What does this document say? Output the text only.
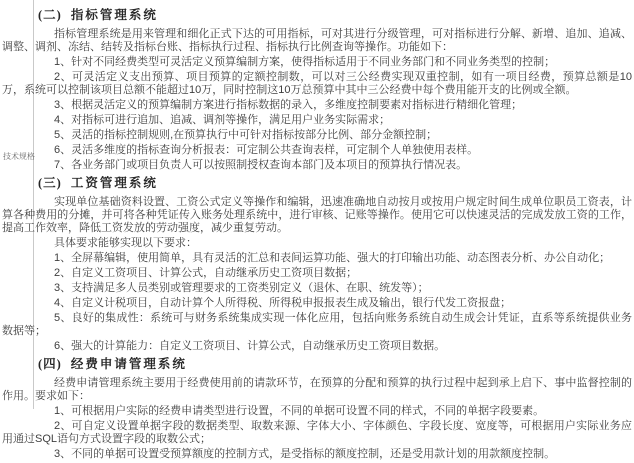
技术规格
(二) 指标管理系统
指标管理系统是用来管理和细化正式下达的可用指标，可对其进行分级管理，可对指标进行分解、新增、追加、追减、调整、调剂、冻结、结转及指标台账、指标执行过程、指标执行比例查询等操作。功能如下：
1、针对不同经费类型可灵活定义预算编制方案，使得指标适用于不同业务部门和不同业务类型的控制；
2、可灵活定义支出预算、项目预算的定额控制数，可以对三公经费实现双重控制，如有一项目经费，预算总额是10万，系统可以控制该项目总额不能超过10万，同时控制这10万总预算中其中三公经费中每个费用能开支的比例或全额。
3、根据灵活定义的预算编制方案进行指标数据的录入，多维度控制要素对指标进行精细化管理；
4、对指标可进行追加、追减、调剂等操作，满足用户业务实际需求；
5、灵活的指标控制规则,在预算执行中可针对指标按部分比例、部分金额控制；
6、灵活多维度的指标查询分析报表：可定制公共查询表样，可定制个人单独使用表样。
7、各业务部门或项目负责人可以按照制授权查询本部门及本项目的预算执行情况表。
(三) 工资管理系统
实现单位基础资料设置、工资公式定义等操作和编辑，迅速准确地自动按月或按用户规定时间生成单位职员工资表，计算各种费用的分摊，并可将各种凭证传入账务处理系统中，进行审核、记账等操作。使用它可以快速灵活的完成发放工资的工作，提高工作效率，降低工资发放的劳动强度，减少重复劳动。
具体要求能够实现以下要求：
1、全屏幕编辑，使用简单，具有灵活的汇总和表间运算功能、强大的打印输出功能、动态图表分析、办公自动化；
2、自定义工资项目、计算公式，自动继承历史工资项目数据；
3、支持满足多人员类别或管理要求的工资类别定义（退休、在职、统发等）；
4、自定义计税项目，自动计算个人所得税、所得税申报报表生成及输出，银行代发工资报盘；
5、良好的集成性：系统可与财务系统集成实现一体化应用，包括向账务系统自动生成会计凭证，直系等系统提供业务数据等；
6、强大的计算能力：自定义工资项目、计算公式，自动继承历史工资项目数据。
(四) 经费申请管理系统
经费申请管理系统主要用于经费使用前的请款环节，在预算的分配和预算的执行过程中起到承上启下、事中监督控制的作用。要求如下：
1、可根据用户实际的经费申请类型进行设置，不同的单据可设置不同的样式，不同的单据字段要素。
2、可自定义设置单据字段的数据类型、取数来源、字体大小、字体颜色、字段长度、宽度等，可根据用户实际业务应用通过SQL语句方式设置字段的取数公式；
3、不同的单据可设置受预算额度的控制方式，是受指标的额度控制，还是受用款计划的用款额度控制。
